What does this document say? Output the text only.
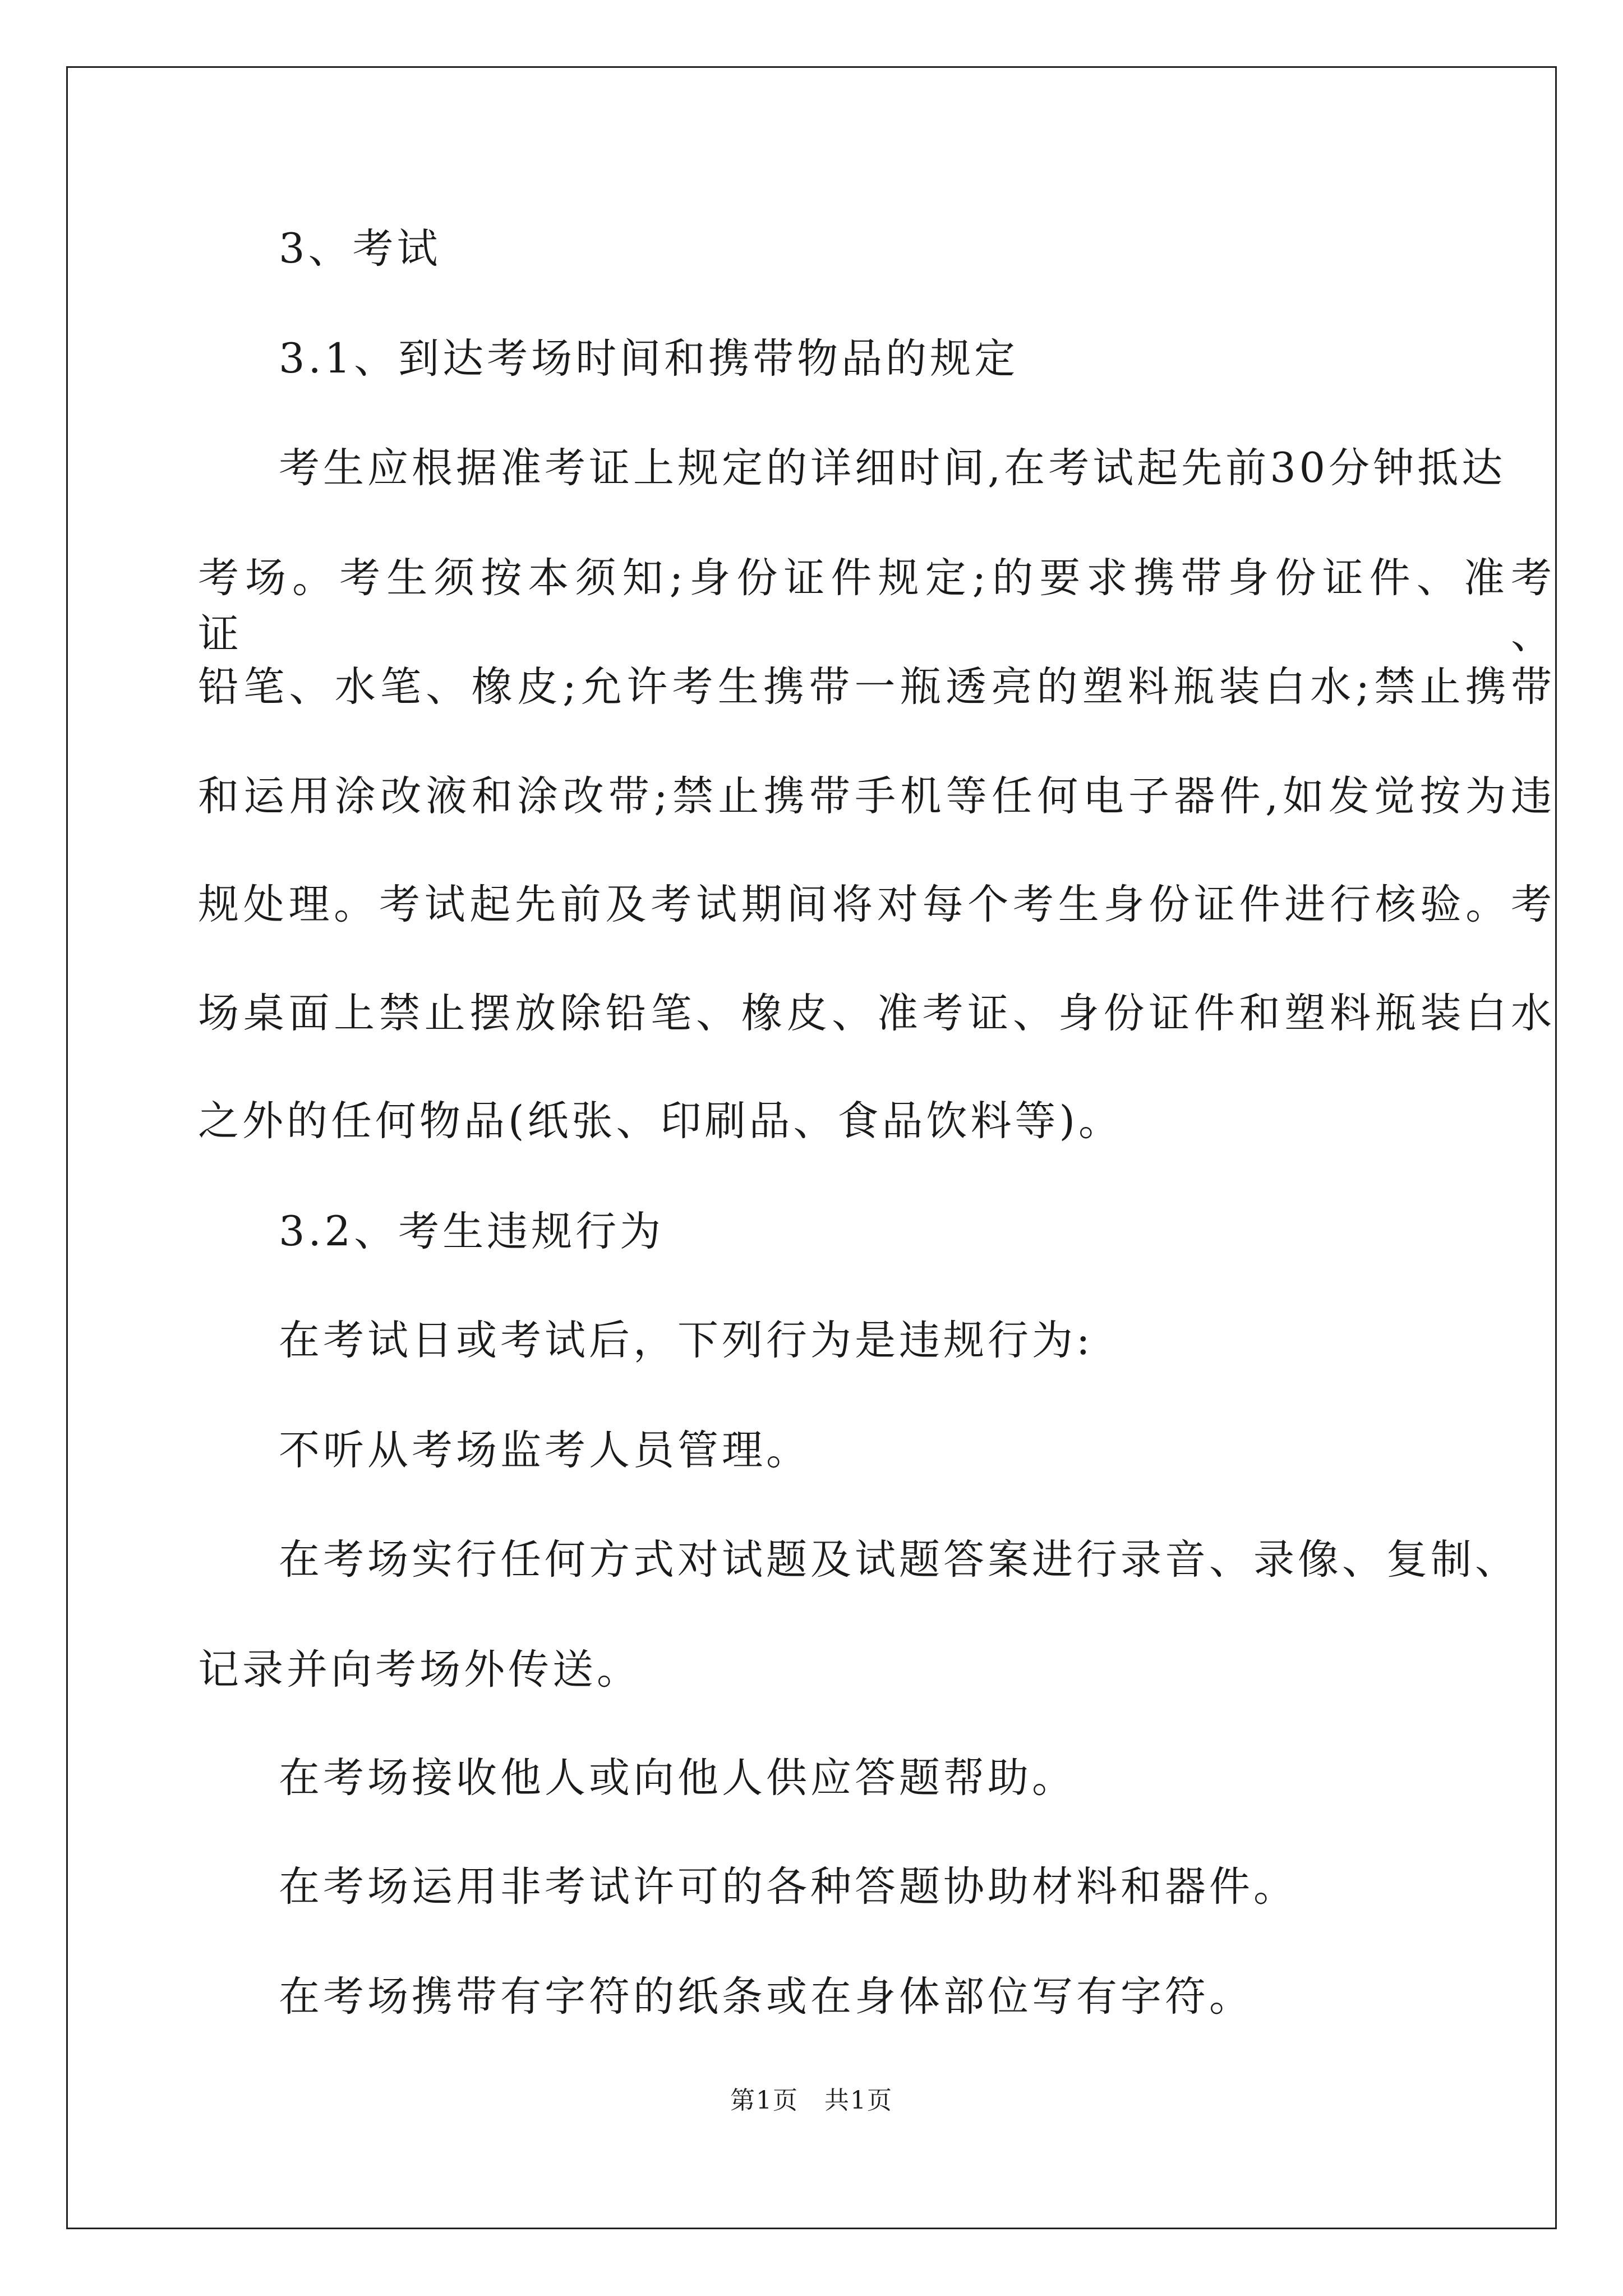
3、考试
3.1、到达考场时间和携带物品的规定
考生应根据准考证上规定的详细时间,在考试起先前30分钟抵达
考场。考生须按本须知;身份证件规定;的要求携带身份证件、准考证、
铅笔、水笔、橡皮;允许考生携带一瓶透亮的塑料瓶装白水;禁止携带
和运用涂改液和涂改带;禁止携带手机等任何电子器件,如发觉按为违
规处理。考试起先前及考试期间将对每个考生身份证件进行核验。考
场桌面上禁止摆放除铅笔、橡皮、准考证、身份证件和塑料瓶装白水
之外的任何物品(纸张、印刷品、食品饮料等)。
3.2、考生违规行为
在考试日或考试后，下列行为是违规行为:
不听从考场监考人员管理。
在考场实行任何方式对试题及试题答案进行录音、录像、复制、
记录并向考场外传送。
在考场接收他人或向他人供应答题帮助。
在考场运用非考试许可的各种答题协助材料和器件。
在考场携带有字符的纸条或在身体部位写有字符。
第1页　共1页
